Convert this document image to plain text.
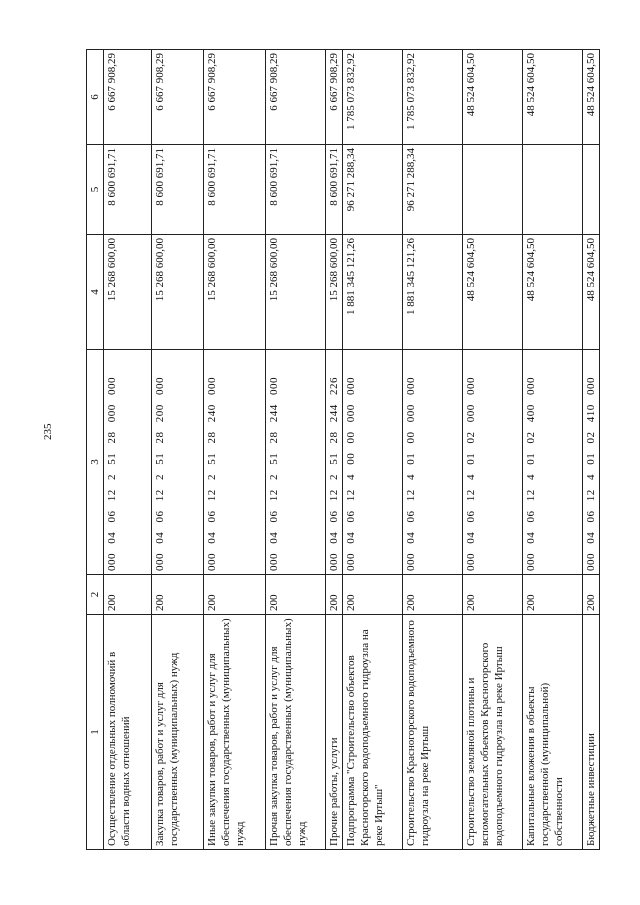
235
1	2	3	4	5	6
Осуществление отдельных полномочий в области водных отношений	200	000 04 06 12 2 51 28 000 000	15 268 600,00	8 600 691,71	6 667 908,29
Закупка товаров, работ и услуг для государственных (муниципальных) нужд	200	000 04 06 12 2 51 28 200 000	15 268 600,00	8 600 691,71	6 667 908,29
Иные закупки товаров, работ и услуг для обеспечения государственных (муниципальных) нужд	200	000 04 06 12 2 51 28 240 000	15 268 600,00	8 600 691,71	6 667 908,29
Прочая закупка товаров, работ и услуг для обеспечения государственных (муниципальных) нужд	200	000 04 06 12 2 51 28 244 000	15 268 600,00	8 600 691,71	6 667 908,29
Прочие работы, услуги	200	000 04 06 12 2 51 28 244 226	15 268 600,00	8 600 691,71	6 667 908,29
Подпрограмма "Строительство объектов Красногорского водоподъемного гидроузла на реке Иртыш"	200	000 04 06 12 4 00 00 000 000	1 881 345 121,26	96 271 288,34	1 785 073 832,92
Строительство Красногорского водоподъемного гидроузла на реке Иртыш	200	000 04 06 12 4 01 00 000 000	1 881 345 121,26	96 271 288,34	1 785 073 832,92
Строительство земляной плотины и вспомогательных объектов Красногорского водоподъемного гидроузла на реке Иртыш	200	000 04 06 12 4 01 02 000 000	48 524 604,50		48 524 604,50
Капитальные вложения в объекты государственной (муниципальной) собственности	200	000 04 06 12 4 01 02 400 000	48 524 604,50		48 524 604,50
Бюджетные инвестиции	200	000 04 06 12 4 01 02 410 000	48 524 604,50		48 524 604,50
